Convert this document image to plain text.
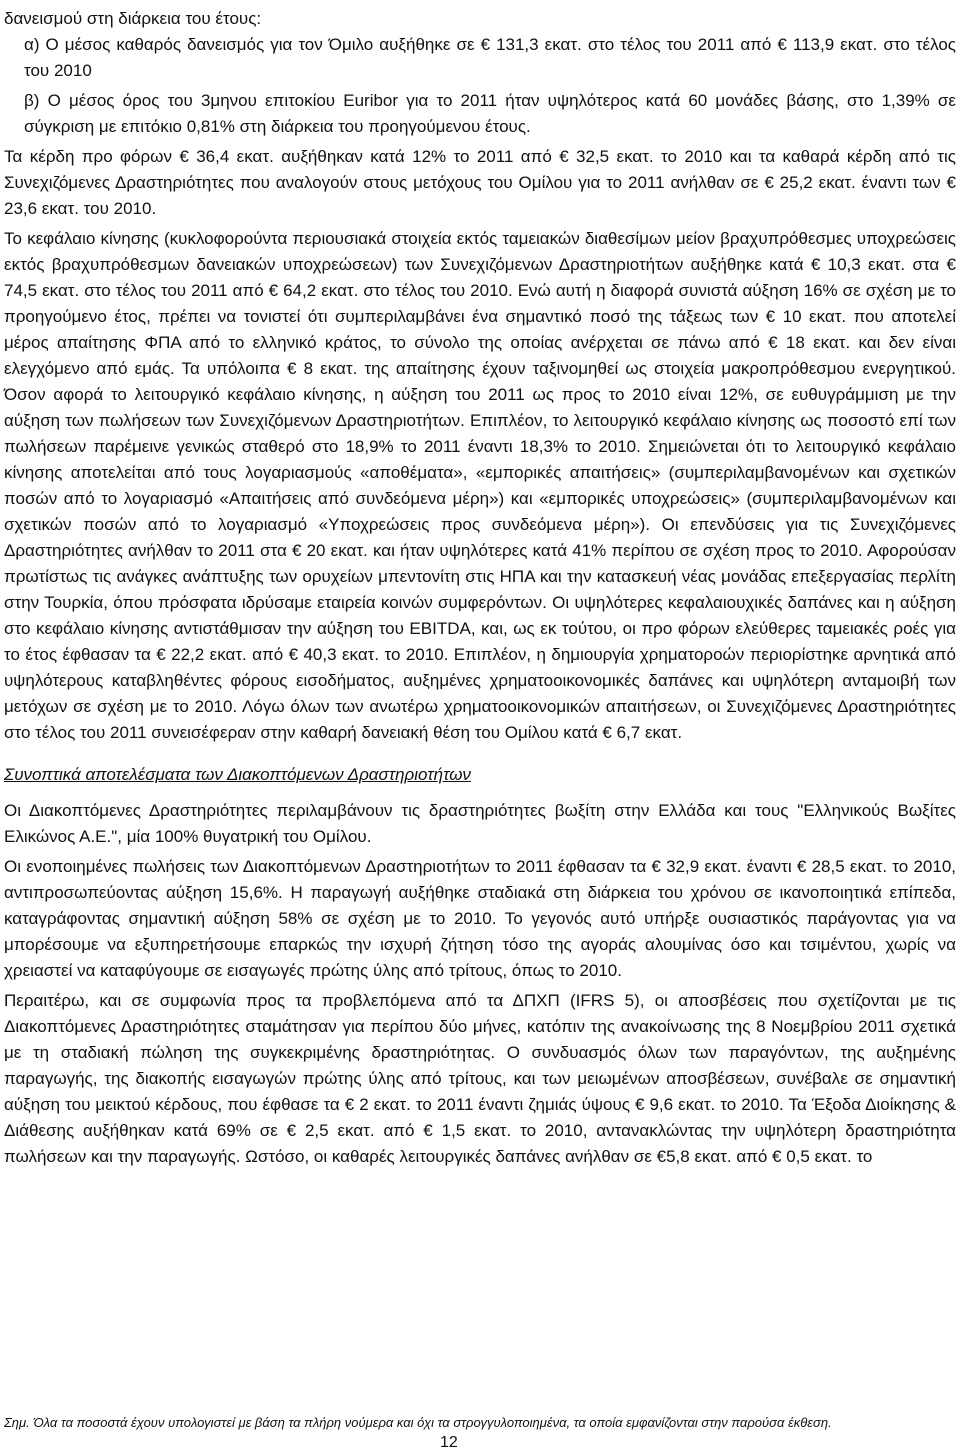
δανεισμού στη διάρκεια του έτους:

α) Ο μέσος καθαρός δανεισμός για τον Όμιλο αυξήθηκε σε € 131,3 εκατ. στο τέλος του 2011 από € 113,9 εκατ. στο τέλος του 2010

β) Ο μέσος όρος του 3μηνου επιτοκίου Euribor για το 2011 ήταν υψηλότερος κατά 60 μονάδες βάσης, στο 1,39% σε σύγκριση με επιτόκιο 0,81% στη διάρκεια του προηγούμενου έτους.

Τα κέρδη προ φόρων € 36,4 εκατ. αυξήθηκαν κατά 12% το 2011 από € 32,5 εκατ. το 2010 και τα καθαρά κέρδη από τις Συνεχιζόμενες Δραστηριότητες που αναλογούν στους μετόχους του Ομίλου για το 2011 ανήλθαν σε € 25,2 εκατ. έναντι των € 23,6 εκατ. του 2010.

Το κεφάλαιο κίνησης (κυκλοφορούντα περιουσιακά στοιχεία εκτός ταμειακών διαθεσίμων μείον βραχυπρόθεσμες υποχρεώσεις εκτός βραχυπρόθεσμων δανειακών υποχρεώσεων) των Συνεχιζόμενων Δραστηριοτήτων αυξήθηκε κατά € 10,3 εκατ. στα € 74,5 εκατ. στο τέλος του 2011 από € 64,2 εκατ. στο τέλος του 2010. Ενώ αυτή η διαφορά συνιστά αύξηση 16% σε σχέση με το προηγούμενο έτος, πρέπει να τονιστεί ότι συμπεριλαμβάνει ένα σημαντικό ποσό της τάξεως των € 10 εκατ. που αποτελεί μέρος απαίτησης ΦΠΑ από το ελληνικό κράτος, το σύνολο της οποίας ανέρχεται σε πάνω από € 18 εκατ. και δεν είναι ελεγχόμενο από εμάς. Τα υπόλοιπα € 8 εκατ. της απαίτησης έχουν ταξινομηθεί ως στοιχεία μακροπρόθεσμου ενεργητικού. Όσον αφορά το λειτουργικό κεφάλαιο κίνησης, η αύξηση του 2011 ως προς το 2010 είναι 12%, σε ευθυγράμμιση με την αύξηση των πωλήσεων των Συνεχιζόμενων Δραστηριοτήτων. Επιπλέον, το λειτουργικό κεφάλαιο κίνησης ως ποσοστό επί των πωλήσεων παρέμεινε γενικώς σταθερό στο 18,9% το 2011 έναντι 18,3% το 2010. Σημειώνεται ότι το λειτουργικό κεφάλαιο κίνησης αποτελείται από τους λογαριασμούς «αποθέματα», «εμπορικές απαιτήσεις» (συμπεριλαμβανομένων και σχετικών ποσών από το λογαριασμό «Απαιτήσεις από συνδεόμενα μέρη») και «εμπορικές υποχρεώσεις» (συμπεριλαμβανομένων και σχετικών ποσών από το λογαριασμό «Υποχρεώσεις προς συνδεόμενα μέρη»). Οι επενδύσεις για τις Συνεχιζόμενες Δραστηριότητες ανήλθαν το 2011 στα € 20 εκατ. και ήταν υψηλότερες κατά 41% περίπου σε σχέση προς το 2010. Αφορούσαν πρωτίστως τις ανάγκες ανάπτυξης των ορυχείων μπεντονίτη στις ΗΠΑ και την κατασκευή νέας μονάδας επεξεργασίας περλίτη στην Τουρκία, όπου πρόσφατα ιδρύσαμε εταιρεία κοινών συμφερόντων. Οι υψηλότερες κεφαλαιουχικές δαπάνες και η αύξηση στο κεφάλαιο κίνησης αντιστάθμισαν την αύξηση του EBITDA, και, ως εκ τούτου, οι προ φόρων ελεύθερες ταμειακές ροές για το έτος έφθασαν τα € 22,2 εκατ. από € 40,3 εκατ. το 2010. Επιπλέον, η δημιουργία χρηματοροών περιορίστηκε αρνητικά από υψηλότερους καταβληθέντες φόρους εισοδήματος, αυξημένες χρηματοοικονομικές δαπάνες και υψηλότερη ανταμοιβή των μετόχων σε σχέση με το 2010. Λόγω όλων των ανωτέρω χρηματοοικονομικών απαιτήσεων, οι Συνεχιζόμενες Δραστηριότητες στο τέλος του 2011 συνεισέφεραν στην καθαρή δανειακή θέση του Ομίλου κατά € 6,7 εκατ.

Συνοπτικά αποτελέσματα των Διακοπτόμενων Δραστηριοτήτων

Οι Διακοπτόμενες Δραστηριότητες περιλαμβάνουν τις δραστηριότητες βωξίτη στην Ελλάδα και τους "Ελληνικούς Βωξίτες Ελικώνος Α.Ε.", μία 100% θυγατρική του Ομίλου.

Οι ενοποιημένες πωλήσεις των Διακοπτόμενων Δραστηριοτήτων το 2011 έφθασαν τα € 32,9 εκατ. έναντι € 28,5 εκατ. το 2010, αντιπροσωπεύοντας αύξηση 15,6%. Η παραγωγή αυξήθηκε σταδιακά στη διάρκεια του χρόνου σε ικανοποιητικά επίπεδα, καταγράφοντας σημαντική αύξηση 58% σε σχέση με το 2010. Το γεγονός αυτό υπήρξε ουσιαστικός παράγοντας για να μπορέσουμε να εξυπηρετήσουμε επαρκώς την ισχυρή ζήτηση τόσο της αγοράς αλουμίνας όσο και τσιμέντου, χωρίς να χρειαστεί να καταφύγουμε σε εισαγωγές πρώτης ύλης από τρίτους, όπως το 2010.

Περαιτέρω, και σε συμφωνία προς τα προβλεπόμενα από τα ΔΠΧΠ (IFRS 5), οι αποσβέσεις που σχετίζονται με τις Διακοπτόμενες Δραστηριότητες σταμάτησαν για περίπου δύο μήνες, κατόπιν της ανακοίνωσης της 8 Νοεμβρίου 2011 σχετικά με τη σταδιακή πώληση της συγκεκριμένης δραστηριότητας. Ο συνδυασμός όλων των παραγόντων, της αυξημένης παραγωγής, της διακοπής εισαγωγών πρώτης ύλης από τρίτους, και των μειωμένων αποσβέσεων, συνέβαλε σε σημαντική αύξηση του μεικτού κέρδους, που έφθασε τα € 2 εκατ. το 2011 έναντι ζημιάς ύψους € 9,6 εκατ. το 2010. Τα Έξοδα Διοίκησης & Διάθεσης αυξήθηκαν κατά 69% σε € 2,5 εκατ. από € 1,5 εκατ. το 2010, αντανακλώντας την υψηλότερη δραστηριότητα πωλήσεων και την παραγωγής. Ωστόσο, οι καθαρές λειτουργικές δαπάνες ανήλθαν σε €5,8 εκατ. από € 0,5 εκατ. το

Σημ. Όλα τα ποσοστά έχουν υπολογιστεί με βάση τα πλήρη νούμερα και όχι τα στρογγυλοποιημένα, τα οποία εμφανίζονται στην παρούσα έκθεση.
12
